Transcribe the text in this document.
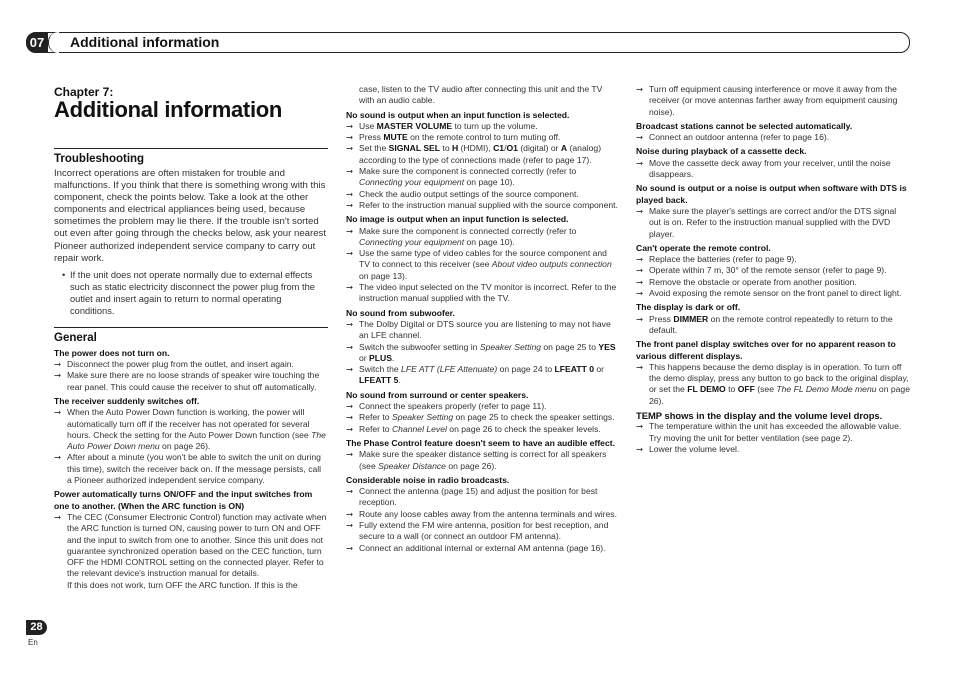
07 Additional information
Chapter 7:
Additional information
Troubleshooting

Incorrect operations are often mistaken for trouble and malfunctions. If you think that there is something wrong with this component, check the points below. Take a look at the other components and electrical appliances being used, because sometimes the problem may lie there. If the trouble isn't sorted out even after going through the checks below, ask your nearest Pioneer authorized independent service company to carry out repair work.

• If the unit does not operate normally due to external effects such as static electricity disconnect the power plug from the outlet and insert again to return to normal operating conditions.

General
The power does not turn on.
➞ Disconnect the power plug from the outlet, and insert again.
➞ Make sure there are no loose strands of speaker wire touching the rear panel. This could cause the receiver to shut off automatically.
The receiver suddenly switches off.
➞ When the Auto Power Down function is working, the power will automatically turn off if the receiver has not operated for several hours. Check the setting for the Auto Power Down function (see The Auto Power Down menu on page 26).
➞ After about a minute (you won't be able to switch the unit on during this time), switch the receiver back on. If the message persists, call a Pioneer authorized independent service company.
Power automatically turns ON/OFF and the input switches from one to another. (When the ARC function is ON)
➞ The CEC (Consumer Electronic Control) function may activate when the ARC function is turned ON, causing power to turn ON and OFF and the input to switch from one to another. Since this unit does not guarantee synchronized operation based on the CEC function, turn OFF the HDMI CONTROL setting on the connected player. Refer to the relevant device's instruction manual for details.
If this does not work, turn OFF the ARC function. If this is the
case, listen to the TV audio after connecting this unit and the TV with an audio cable.
No sound is output when an input function is selected.
➞ Use MASTER VOLUME to turn up the volume.
➞ Press MUTE on the remote control to turn muting off.
➞ Set the SIGNAL SEL to H (HDMI), C1/O1 (digital) or A (analog) according to the type of connections made (refer to page 17).
➞ Make sure the component is connected correctly (refer to Connecting your equipment on page 10).
➞ Check the audio output settings of the source component.
➞ Refer to the instruction manual supplied with the source component.
No image is output when an input function is selected.
➞ Make sure the component is connected correctly (refer to Connecting your equipment on page 10).
➞ Use the same type of video cables for the source component and TV to connect to this receiver (see About video outputs connection on page 13).
➞ The video input selected on the TV monitor is incorrect. Refer to the instruction manual supplied with the TV.
No sound from subwoofer.
➞ The Dolby Digital or DTS source you are listening to may not have an LFE channel.
➞ Switch the subwoofer setting in Speaker Setting on page 25 to YES or PLUS.
➞ Switch the LFE ATT (LFE Attenuate) on page 24 to LFEATT 0 or LFEATT 5.
No sound from surround or center speakers.
➞ Connect the speakers properly (refer to page 11).
➞ Refer to Speaker Setting on page 25 to check the speaker settings.
➞ Refer to Channel Level on page 26 to check the speaker levels.
The Phase Control feature doesn't seem to have an audible effect.
➞ Make sure the speaker distance setting is correct for all speakers (see Speaker Distance on page 26).
Considerable noise in radio broadcasts.
➞ Connect the antenna (page 15) and adjust the position for best reception.
➞ Route any loose cables away from the antenna terminals and wires.
➞ Fully extend the FM wire antenna, position for best reception, and secure to a wall (or connect an outdoor FM antenna).
➞ Connect an additional internal or external AM antenna (page 16).
➞ Turn off equipment causing interference or move it away from the receiver (or move antennas farther away from equipment causing noise).
Broadcast stations cannot be selected automatically.
➞ Connect an outdoor antenna (refer to page 16).
Noise during playback of a cassette deck.
➞ Move the cassette deck away from your receiver, until the noise disappears.
No sound is output or a noise is output when software with DTS is played back.
➞ Make sure the player's settings are correct and/or the DTS signal out is on. Refer to the instruction manual supplied with the DVD player.
Can't operate the remote control.
➞ Replace the batteries (refer to page 9).
➞ Operate within 7 m, 30° of the remote sensor (refer to page 9).
➞ Remove the obstacle or operate from another position.
➞ Avoid exposing the remote sensor on the front panel to direct light.
The display is dark or off.
➞ Press DIMMER on the remote control repeatedly to return to the default.
The front panel display switches over for no apparent reason to various different displays.
➞ This happens because the demo display is in operation. To turn off the demo display, press any button to go back to the original display, or set the FL DEMO to OFF (see The FL Demo Mode menu on page 26).
TEMP shows in the display and the volume level drops.
➞ The temperature within the unit has exceeded the allowable value. Try moving the unit for better ventilation (see page 2).
➞ Lower the volume level.
28
En
